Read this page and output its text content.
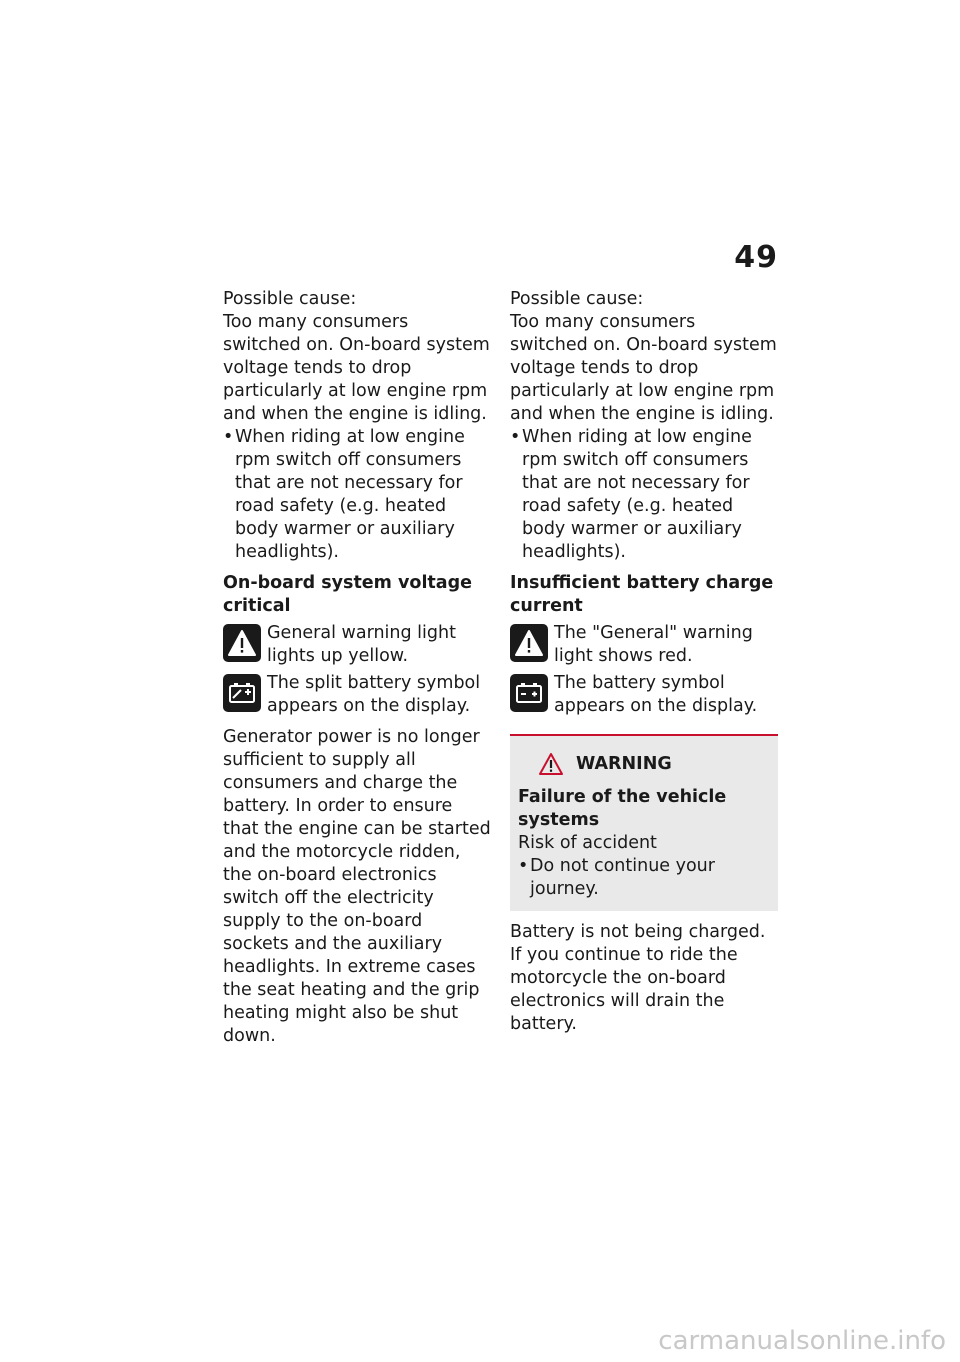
49

Possible cause:

Too many consumers switched on. On-board system voltage tends to drop particularly at low engine rpm and when the engine is idling.

• When riding at low engine rpm switch off consumers that are not necessary for road safety (e.g. heated body warmer or auxiliary headlights).

On-board system voltage critical

General warning light lights up yellow.
The split battery symbol appears on the display.

Generator power is no longer sufficient to supply all consumers and charge the battery. In order to ensure that the engine can be started and the motorcycle ridden, the on-board electronics switch off the electricity supply to the on-board sockets and the auxiliary headlights. In extreme cases the seat heating and the grip heating might also be shut down.

Possible cause:

Too many consumers switched on. On-board system voltage tends to drop particularly at low engine rpm and when the engine is idling.

• When riding at low engine rpm switch off consumers that are not necessary for road safety (e.g. heated body warmer or auxiliary headlights).

Insufficient battery charge current

The "General" warning light shows red.
The battery symbol appears on the display.
WARNING

Failure of the vehicle systems

Risk of accident

• Do not continue your journey.

Battery is not being charged. If you continue to ride the motorcycle the on-board electronics will drain the battery.

carmanualsonline.info
